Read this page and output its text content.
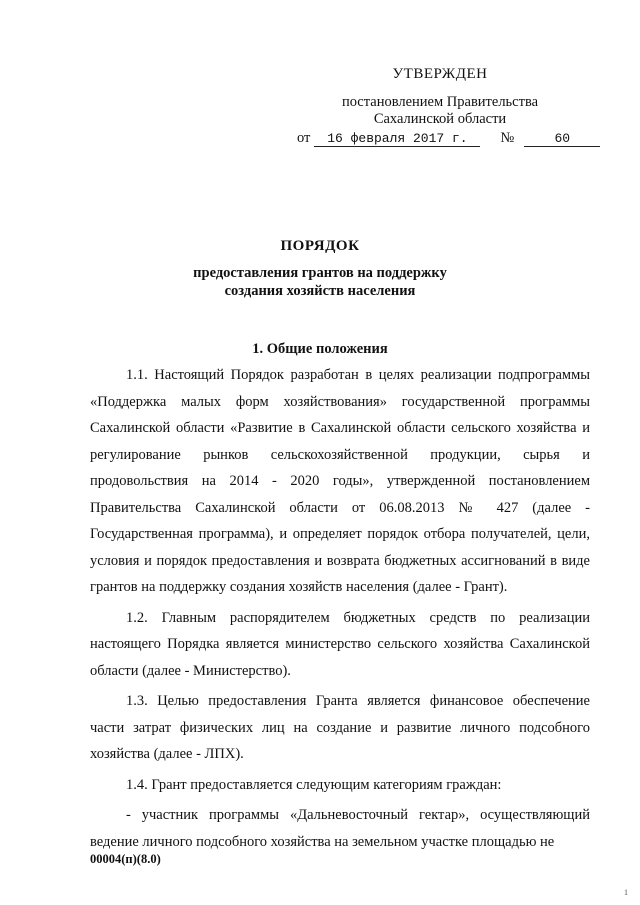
УТВЕРЖДЕН
постановлением Правительства
Сахалинской области
от 16 февраля 2017 г. №	60
ПОРЯДОК
предоставления грантов на поддержку
создания хозяйств населения
1. Общие положения

1.1. Настоящий Порядок разработан в целях реализации подпрограммы «Поддержка малых форм хозяйствования» государственной программы Сахалинской области «Развитие в Сахалинской области сельского хозяйства и регулирование рынков сельскохозяйственной продукции, сырья и продовольствия на 2014 - 2020 годы», утвержденной постановлением Правительства Сахалинской области от 06.08.2013 № 427 (далее - Государственная программа), и определяет порядок отбора получателей, цели, условия и порядок предоставления и возврата бюджетных ассигнований в виде грантов на поддержку создания хозяйств населения (далее - Грант).

1.2. Главным распорядителем бюджетных средств по реализации настоящего Порядка является министерство сельского хозяйства Сахалинской области (далее - Министерство).

1.3. Целью предоставления Гранта является финансовое обеспечение части затрат физических лиц на создание и развитие личного подсобного хозяйства (далее - ЛПХ).

1.4. Грант предоставляется следующим категориям граждан:

- участник программы «Дальневосточный гектар», осуществляющий ведение личного подсобного хозяйства на земельном участке площадью не

00004(п)(8.0)
1
